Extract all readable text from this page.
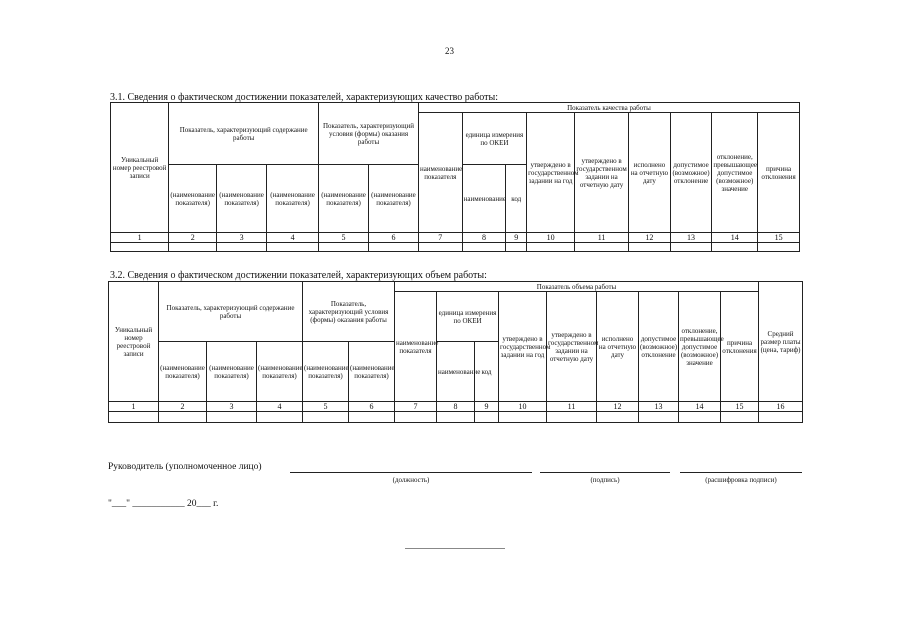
23
3.1. Сведения о фактическом достижении показателей, характеризующих качество работы:
Уникальный номер реестровой записи	Показатель, характеризующий содержание работы			Показатель, характеризующий условия (формы) оказания работы		Показатель качества работы								
						наименование показателя	единица измерения по ОКЕИ		утверждено в государственном задании на год	утверждено в государственном задании на отчетную дату	исполнено на отчетную дату	допустимое (возможное) отклонение	отклонение, превышающее допустимое (возможное) значение	причина отклонения
	(наименование показателя)	(наименование показателя)	(наименование показателя)	(наименование показателя)	(наименование показателя)		наименование	код						
1	2	3	4	5	6	7	8	9	10	11	12	13	14	15

3.2. Сведения о фактическом достижении показателей, характеризующих объем работы:
Уникальный номер реестровой записи	Показатель, характеризующий содержание работы			Показатель, характеризующий условия (формы) оказания работы		Показатель объема работы									Средний размер платы (цена, тариф)
						наименование показателя	единица измерения по ОКЕИ		утверждено в государственном задании на год	утверждено в государственном задании на отчетную дату	исполнено на отчетную дату	допустимое (возможное) отклонение	отклонение, превышающее допустимое (возможное) значение	причина отклонения	
	(наименование показателя)	(наименование показателя)	(наименование показателя)	(наименование показателя)	(наименование показателя)		наименование	код							
1	2	3	4	5	6	7	8	9	10	11	12	13	14	15	16

Руководитель (уполномоченное лицо)
(должность)	(подпись)	(расшифровка подписи)
"___" ___________ 20___ г.
